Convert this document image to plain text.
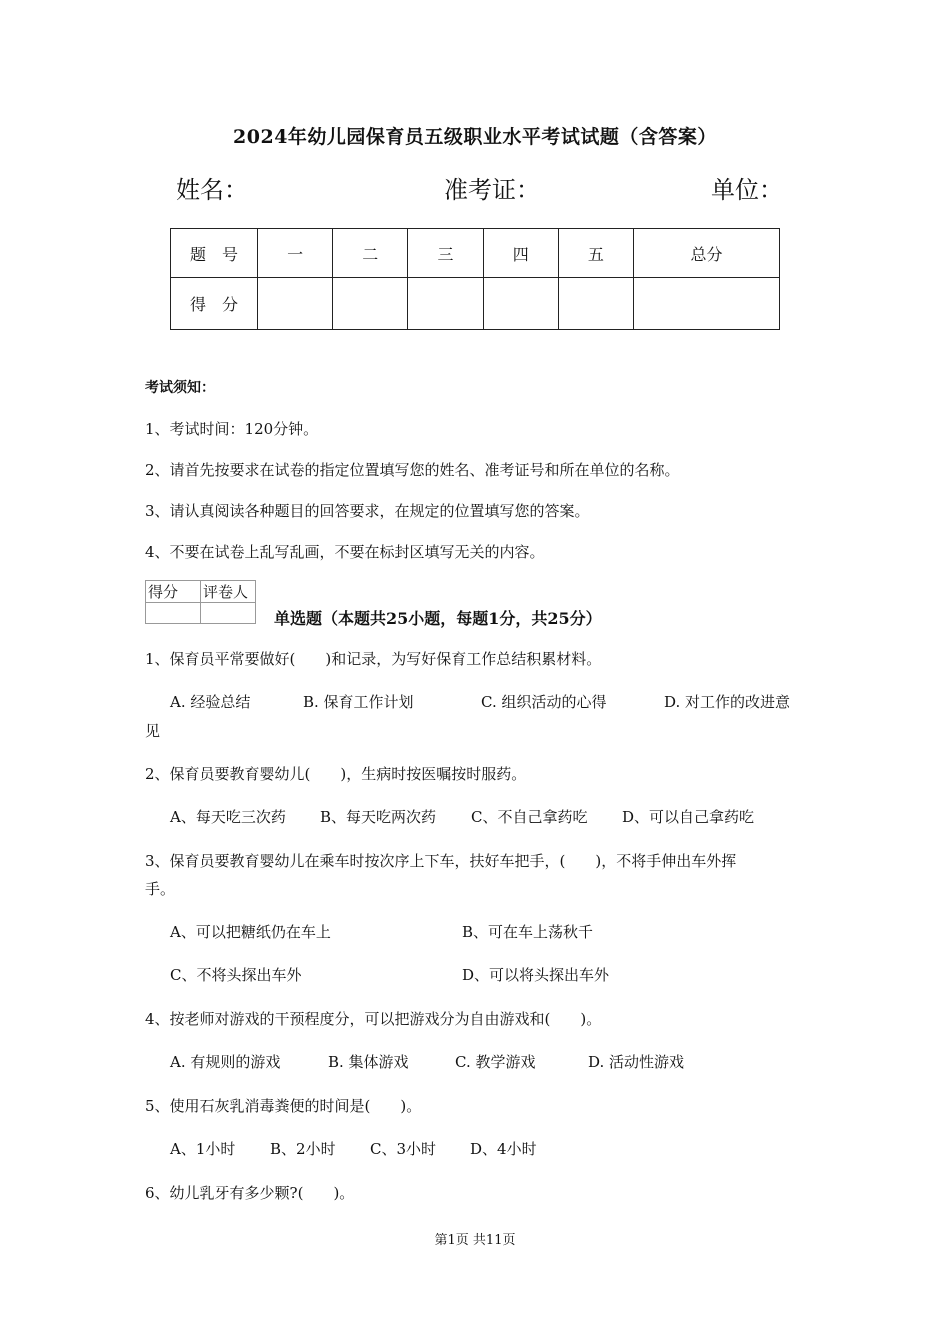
2024年幼儿园保育员五级职业水平考试试题（含答案）
姓名：	准考证：	单位：
题　号	一	二	三	四	五	总分
得　分						
考试须知：
1、考试时间：120分钟。
2、请首先按要求在试卷的指定位置填写您的姓名、准考证号和所在单位的名称。
3、请认真阅读各种题目的回答要求，在规定的位置填写您的答案。
4、不要在试卷上乱写乱画，不要在标封区填写无关的内容。
得分	评卷人

单选题（本题共25小题，每题1分，共25分）
1、保育员平常要做好(　　)和记录，为写好保育工作总结积累材料。
A. 经验总结	B. 保育工作计划	C. 组织活动的心得	D. 对工作的改进意
见
2、保育员要教育婴幼儿(　　)，生病时按医嘱按时服药。
A、每天吃三次药 B、每天吃两次药 C、不自己拿药吃 D、可以自己拿药吃
3、保育员要教育婴幼儿在乘车时按次序上下车，扶好车把手，(　　)，不将手伸出车外挥
手。
A、可以把糖纸仍在车上	B、可在车上荡秋千
C、不将头探出车外	D、可以将头探出车外
4、按老师对游戏的干预程度分，可以把游戏分为自由游戏和(　　)。
A. 有规则的游戏	B. 集体游戏	C. 教学游戏	D. 活动性游戏
5、使用石灰乳消毒粪便的时间是(　　)。
A、1小时 B、2小时 C、3小时 D、4小时
6、幼儿乳牙有多少颗?(　　)。
第1页 共11页
